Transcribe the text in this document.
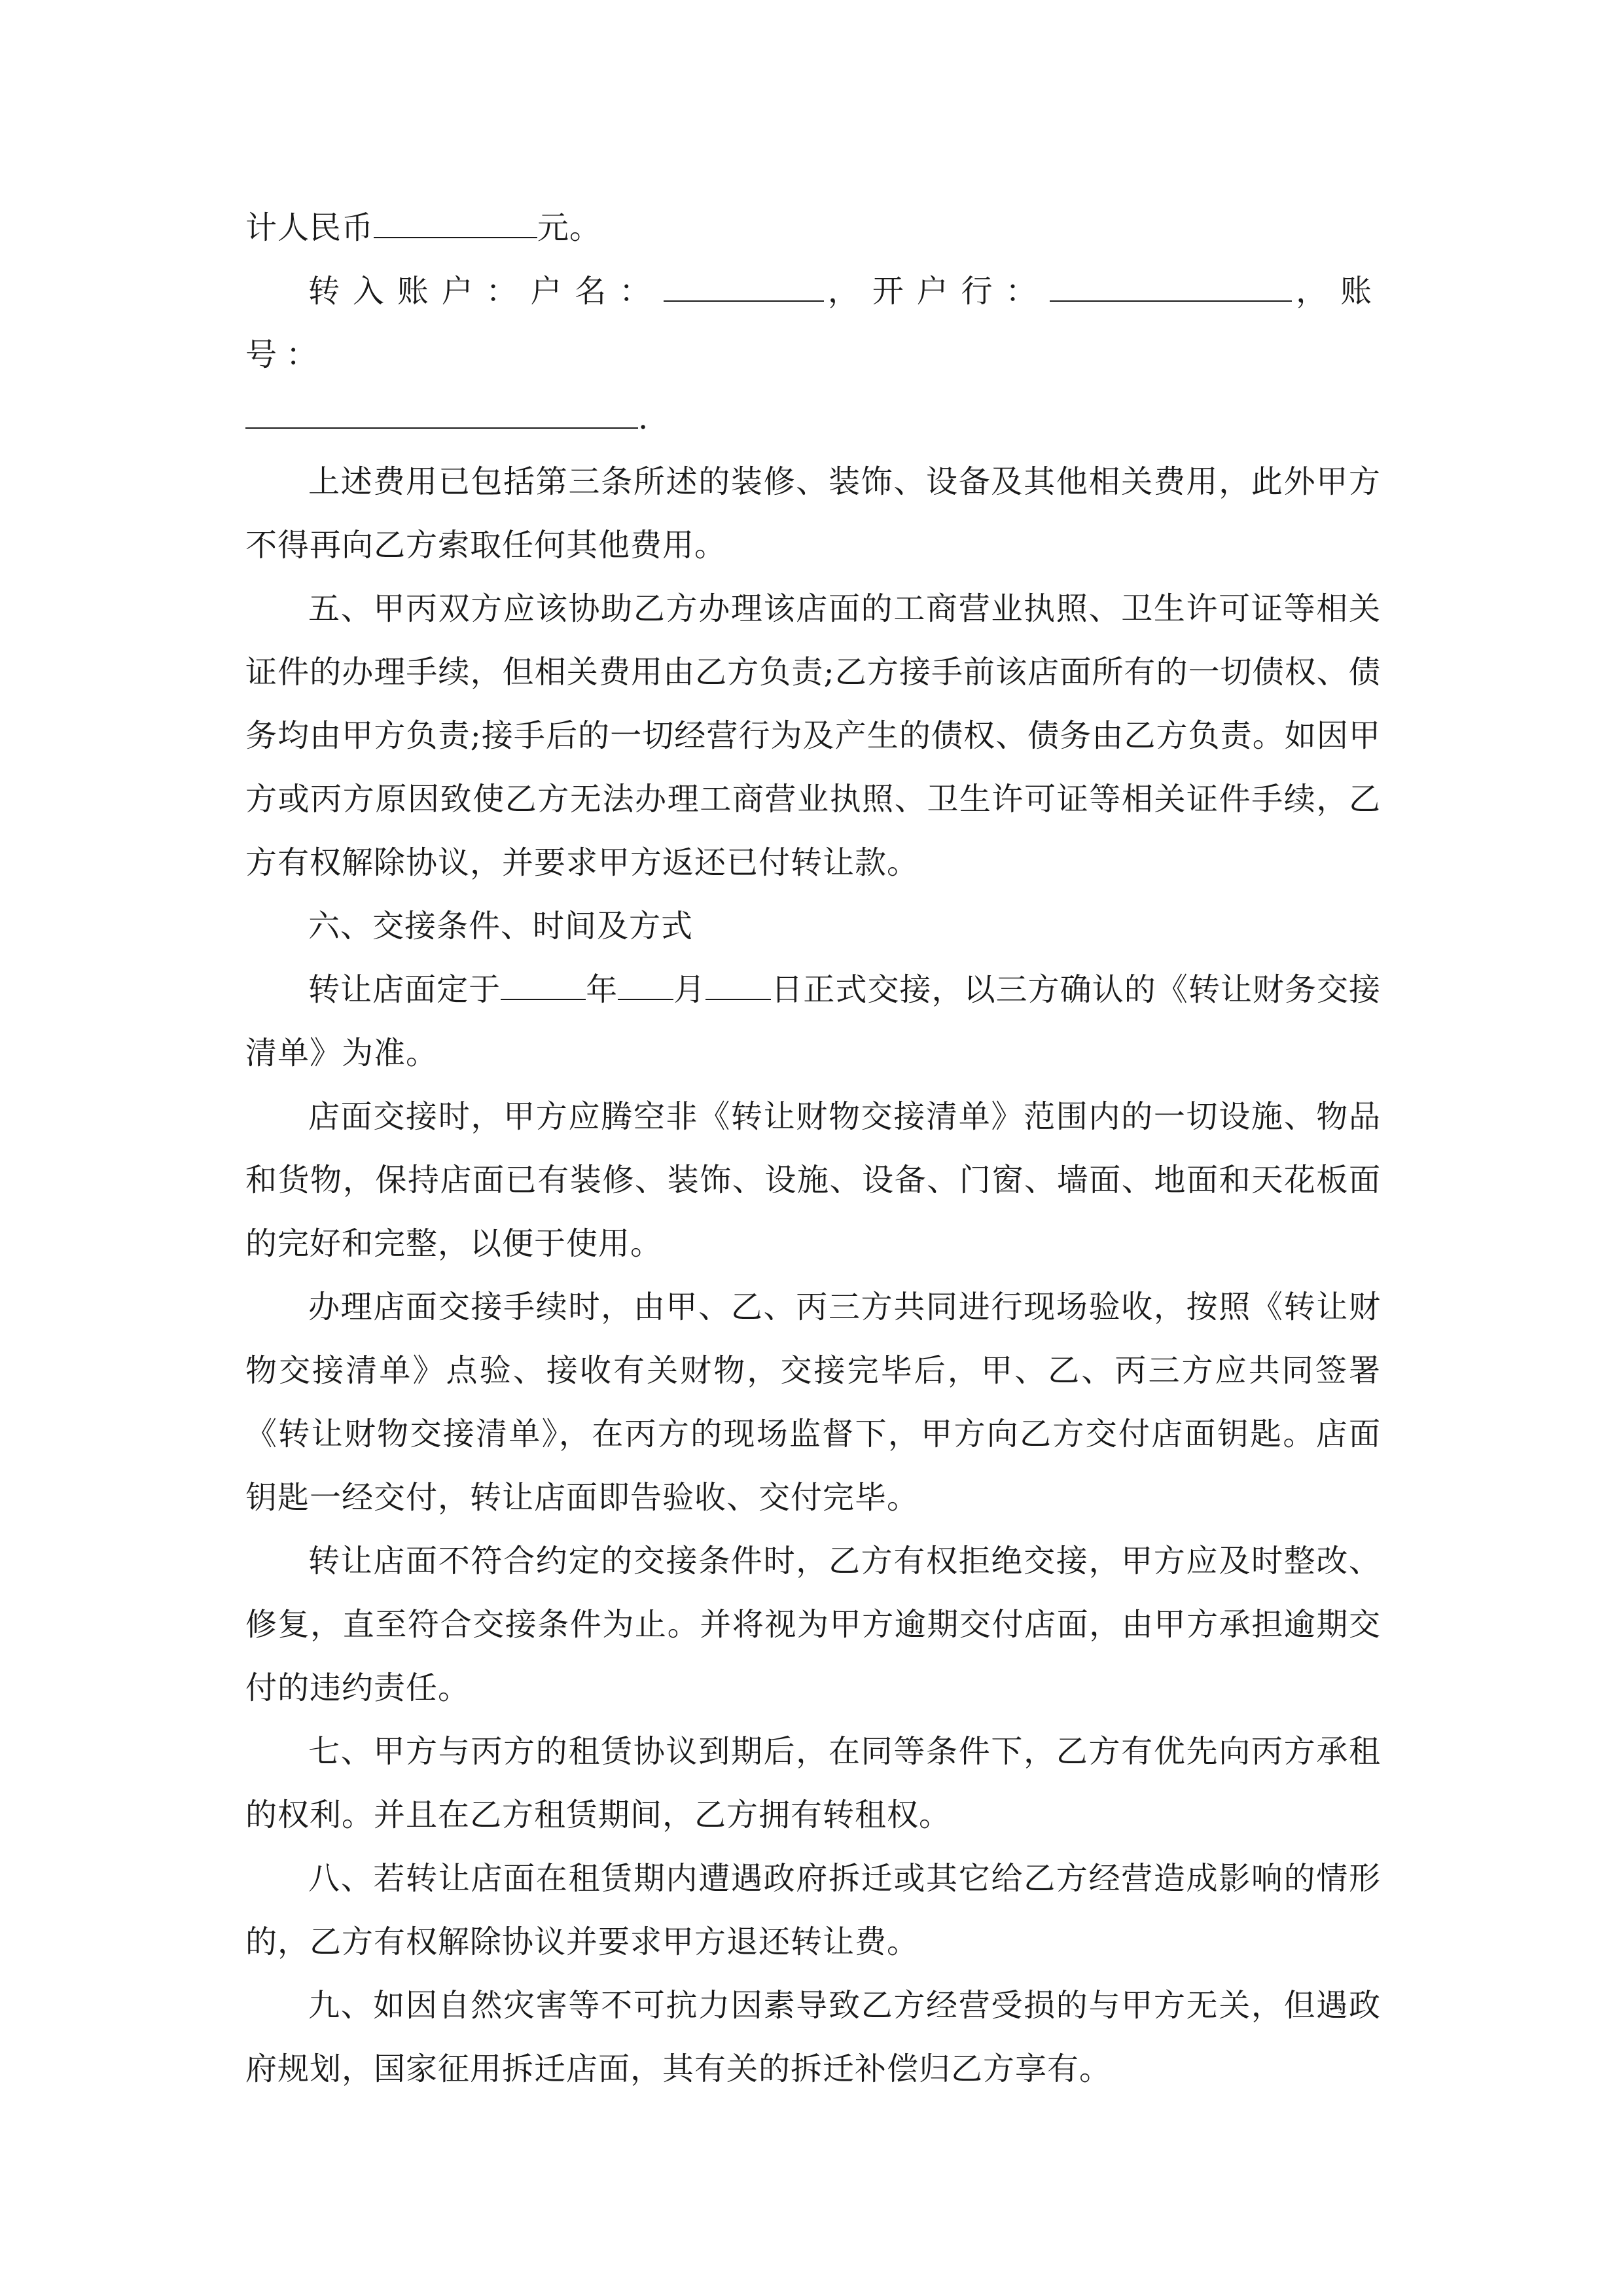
计人民币	元。

转入账户：户名：	，开户行：	，账号：

.

上述费用已包括第三条所述的装修、装饰、设备及其他相关费用，此外甲方不得再向乙方索取任何其他费用。

五、甲丙双方应该协助乙方办理该店面的工商营业执照、卫生许可证等相关证件的办理手续，但相关费用由乙方负责;乙方接手前该店面所有的一切债权、债务均由甲方负责;接手后的一切经营行为及产生的债权、债务由乙方负责。如因甲方或丙方原因致使乙方无法办理工商营业执照、卫生许可证等相关证件手续，乙方有权解除协议，并要求甲方返还已付转让款。

六、交接条件、时间及方式

转让店面定于	年 月 日正式交接，以三方确认的《转让财务交接清单》为准。

店面交接时，甲方应腾空非《转让财物交接清单》范围内的一切设施、物品和货物，保持店面已有装修、装饰、设施、设备、门窗、墙面、地面和天花板面的完好和完整，以便于使用。

办理店面交接手续时，由甲、乙、丙三方共同进行现场验收，按照《转让财物交接清单》点验、接收有关财物，交接完毕后，甲、乙、丙三方应共同签署《转让财物交接清单》，在丙方的现场监督下，甲方向乙方交付店面钥匙。店面钥匙一经交付，转让店面即告验收、交付完毕。

转让店面不符合约定的交接条件时，乙方有权拒绝交接，甲方应及时整改、修复，直至符合交接条件为止。并将视为甲方逾期交付店面，由甲方承担逾期交付的违约责任。

七、甲方与丙方的租赁协议到期后，在同等条件下，乙方有优先向丙方承租的权利。并且在乙方租赁期间，乙方拥有转租权。

八、若转让店面在租赁期内遭遇政府拆迁或其它给乙方经营造成影响的情形的，乙方有权解除协议并要求甲方退还转让费。

九、如因自然灾害等不可抗力因素导致乙方经营受损的与甲方无关，但遇政府规划，国家征用拆迁店面，其有关的拆迁补偿归乙方享有。
